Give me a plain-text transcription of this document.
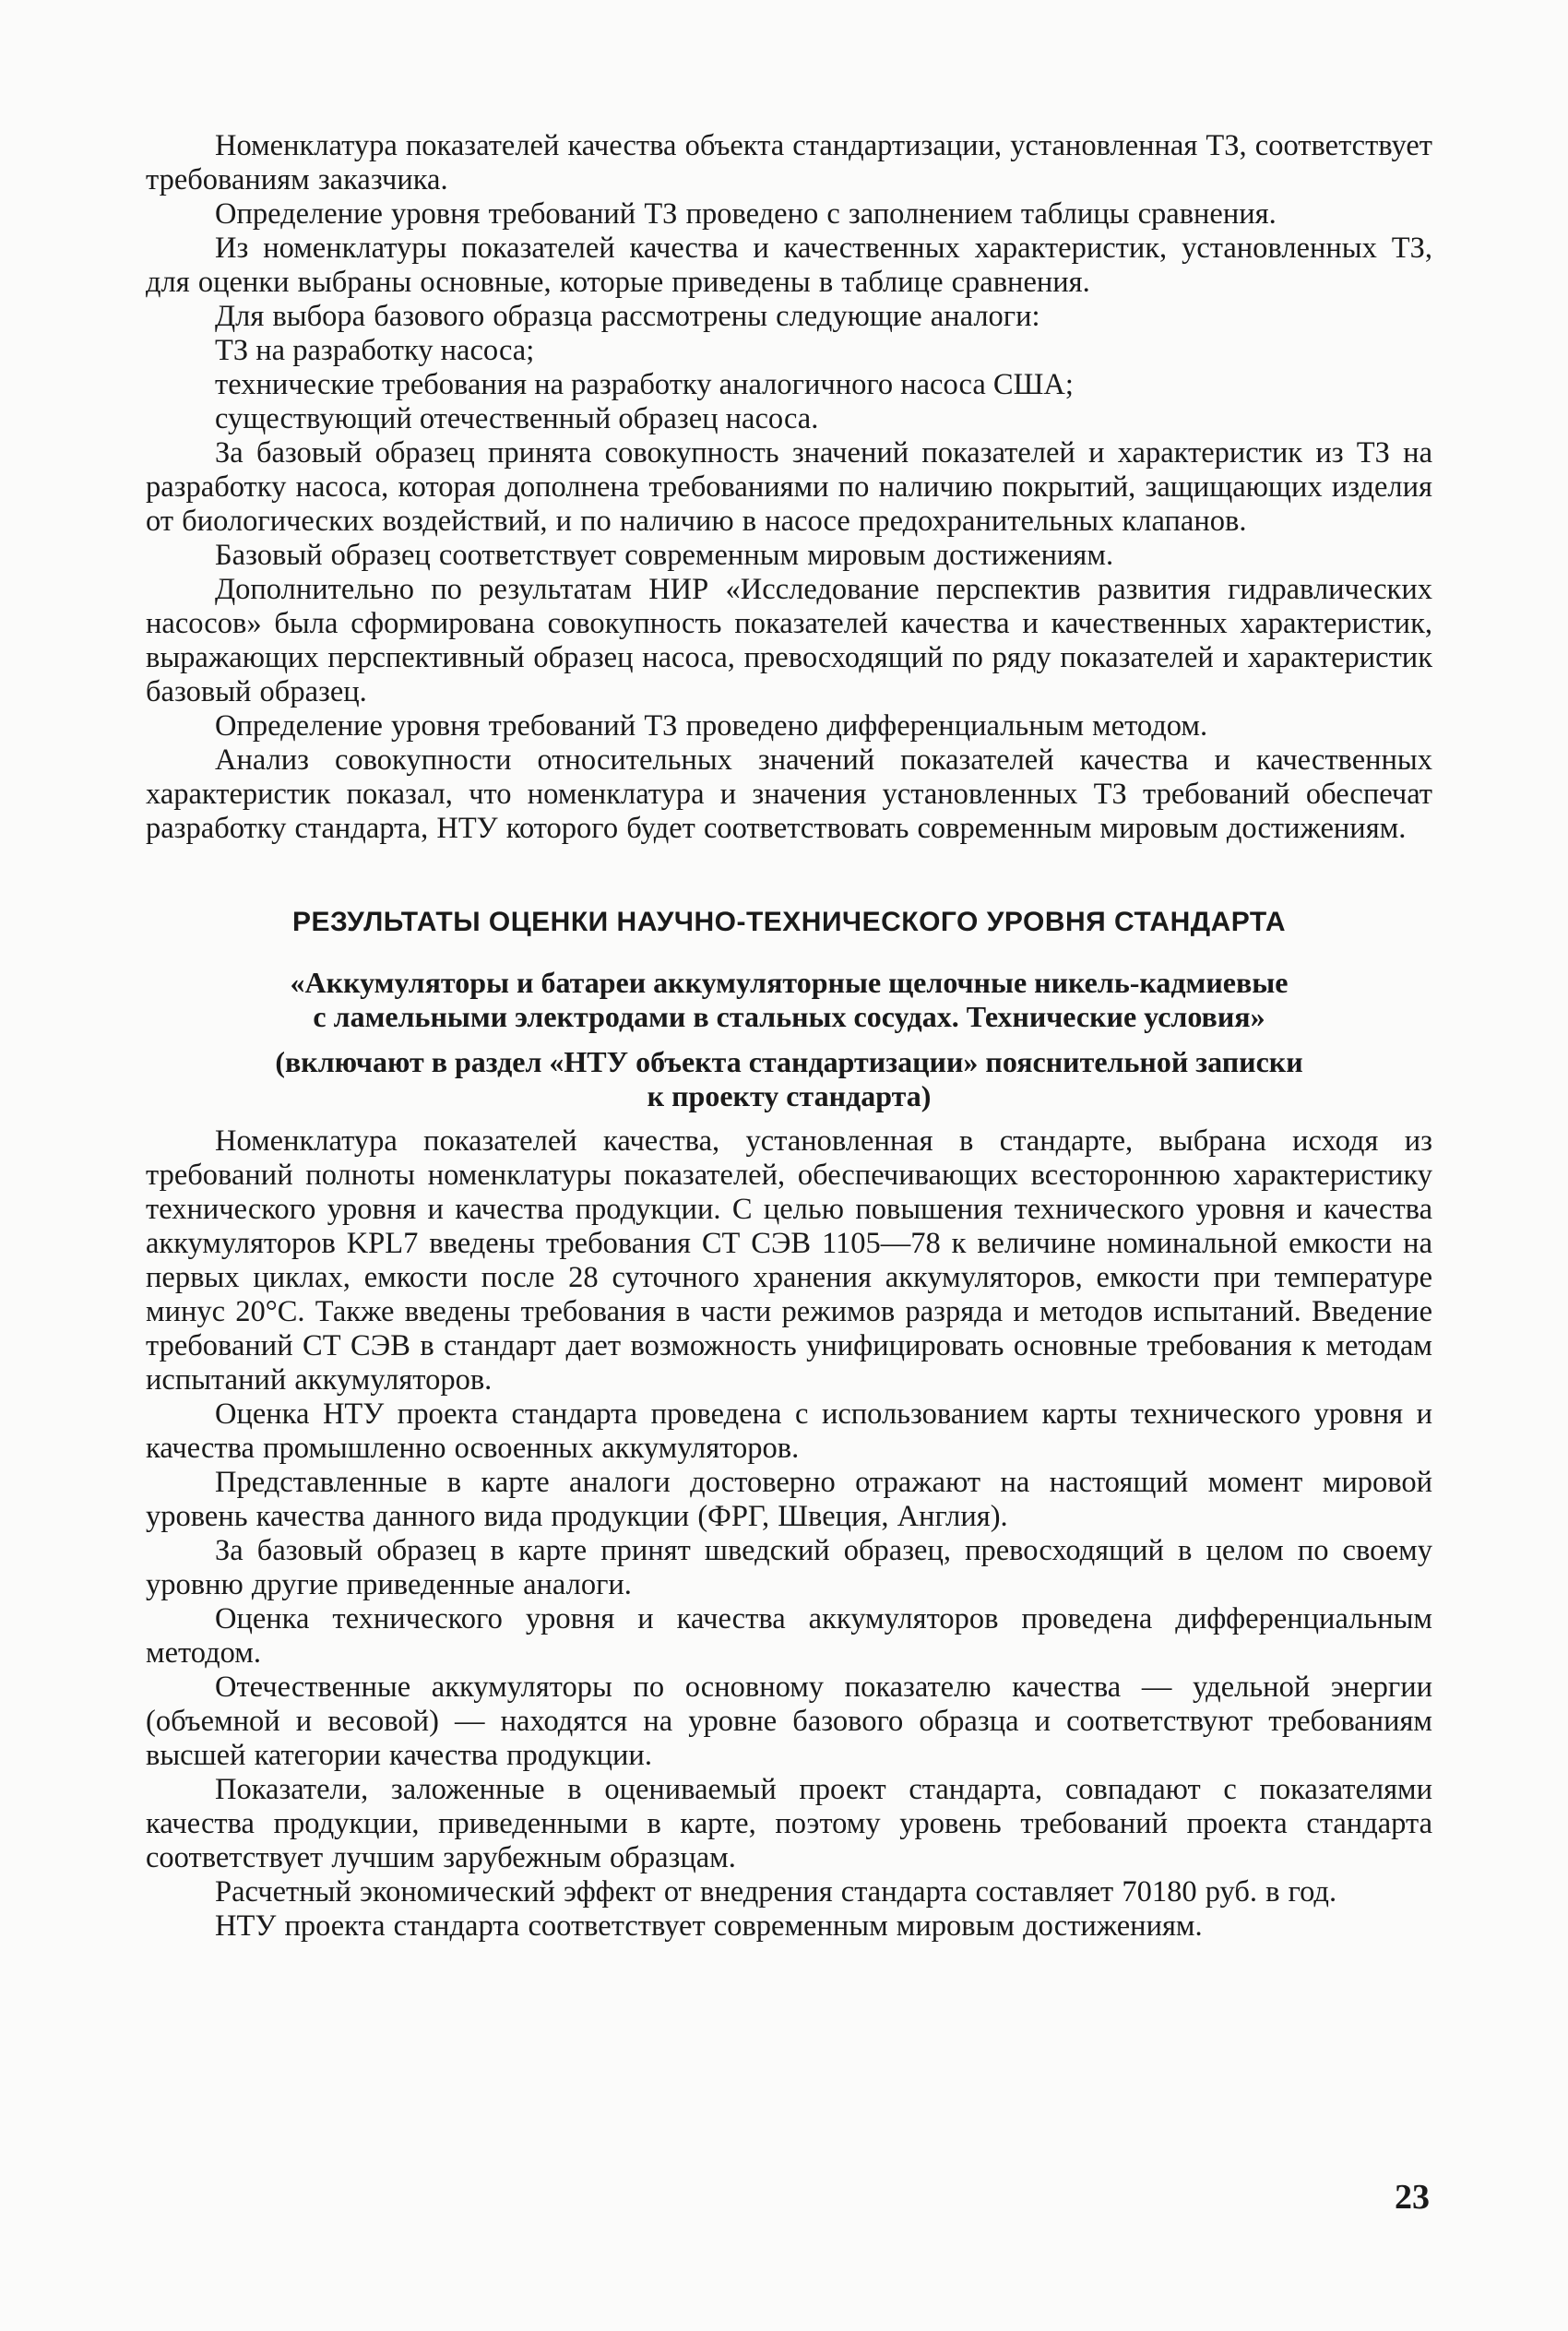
Номенклатура показателей качества объекта стандартизации, установленная ТЗ, соответствует требованиям заказчика.

Определение уровня требований ТЗ проведено с заполнением таблицы сравнения.

Из номенклатуры показателей качества и качественных характеристик, установленных ТЗ, для оценки выбраны основные, которые приведены в таблице сравнения.

Для выбора базового образца рассмотрены следующие аналоги:

ТЗ на разработку насоса;

технические требования на разработку аналогичного насоса США;

существующий отечественный образец насоса.

За базовый образец принята совокупность значений показателей и характеристик из ТЗ на разработку насоса, которая дополнена требованиями по наличию покрытий, защищающих изделия от биологических воздействий, и по наличию в насосе предохранительных клапанов.

Базовый образец соответствует современным мировым достижениям.

Дополнительно по результатам НИР «Исследование перспектив развития гидравлических насосов» была сформирована совокупность показателей качества и качественных характеристик, выражающих перспективный образец насоса, превосходящий по ряду показателей и характеристик базовый образец.

Определение уровня требований ТЗ проведено дифференциальным методом.

Анализ совокупности относительных значений показателей качества и качественных характеристик показал, что номенклатура и значения установленных ТЗ требований обеспечат разработку стандарта, НТУ которого будет соответствовать современным мировым достижениям.

РЕЗУЛЬТАТЫ ОЦЕНКИ НАУЧНО-ТЕХНИЧЕСКОГО УРОВНЯ СТАНДАРТА
«Аккумуляторы и батареи аккумуляторные щелочные никель-кадмиевые
с ламельными электродами в стальных сосудах. Технические условия»
(включают в раздел «НТУ объекта стандартизации» пояснительной записки
к проекту стандарта)

Номенклатура показателей качества, установленная в стандарте, выбрана исходя из требований полноты номенклатуры показателей, обеспечивающих всестороннюю характеристику технического уровня и качества продукции. С целью повышения технического уровня и качества аккумуляторов KPL7 введены требования СТ СЭВ 1105—78 к величине номинальной емкости на первых циклах, емкости после 28 суточного хранения аккумуляторов, емкости при температуре минус 20°С. Также введены требования в части режимов разряда и методов испытаний. Введение требований СТ СЭВ в стандарт дает возможность унифицировать основные требования к методам испытаний аккумуляторов.

Оценка НТУ проекта стандарта проведена с использованием карты технического уровня и качества промышленно освоенных аккумуляторов.

Представленные в карте аналоги достоверно отражают на настоящий момент мировой уровень качества данного вида продукции (ФРГ, Швеция, Англия).

За базовый образец в карте принят шведский образец, превосходящий в целом по своему уровню другие приведенные аналоги.

Оценка технического уровня и качества аккумуляторов проведена дифференциальным методом.

Отечественные аккумуляторы по основному показателю качества — удельной энергии (объемной и весовой) — находятся на уровне базового образца и соответствуют требованиям высшей категории качества продукции.

Показатели, заложенные в оцениваемый проект стандарта, совпадают с показателями качества продукции, приведенными в карте, поэтому уровень требований проекта стандарта соответствует лучшим зарубежным образцам.

Расчетный экономический эффект от внедрения стандарта составляет 70180 руб. в год.

НТУ проекта стандарта соответствует современным мировым достижениям.

23
